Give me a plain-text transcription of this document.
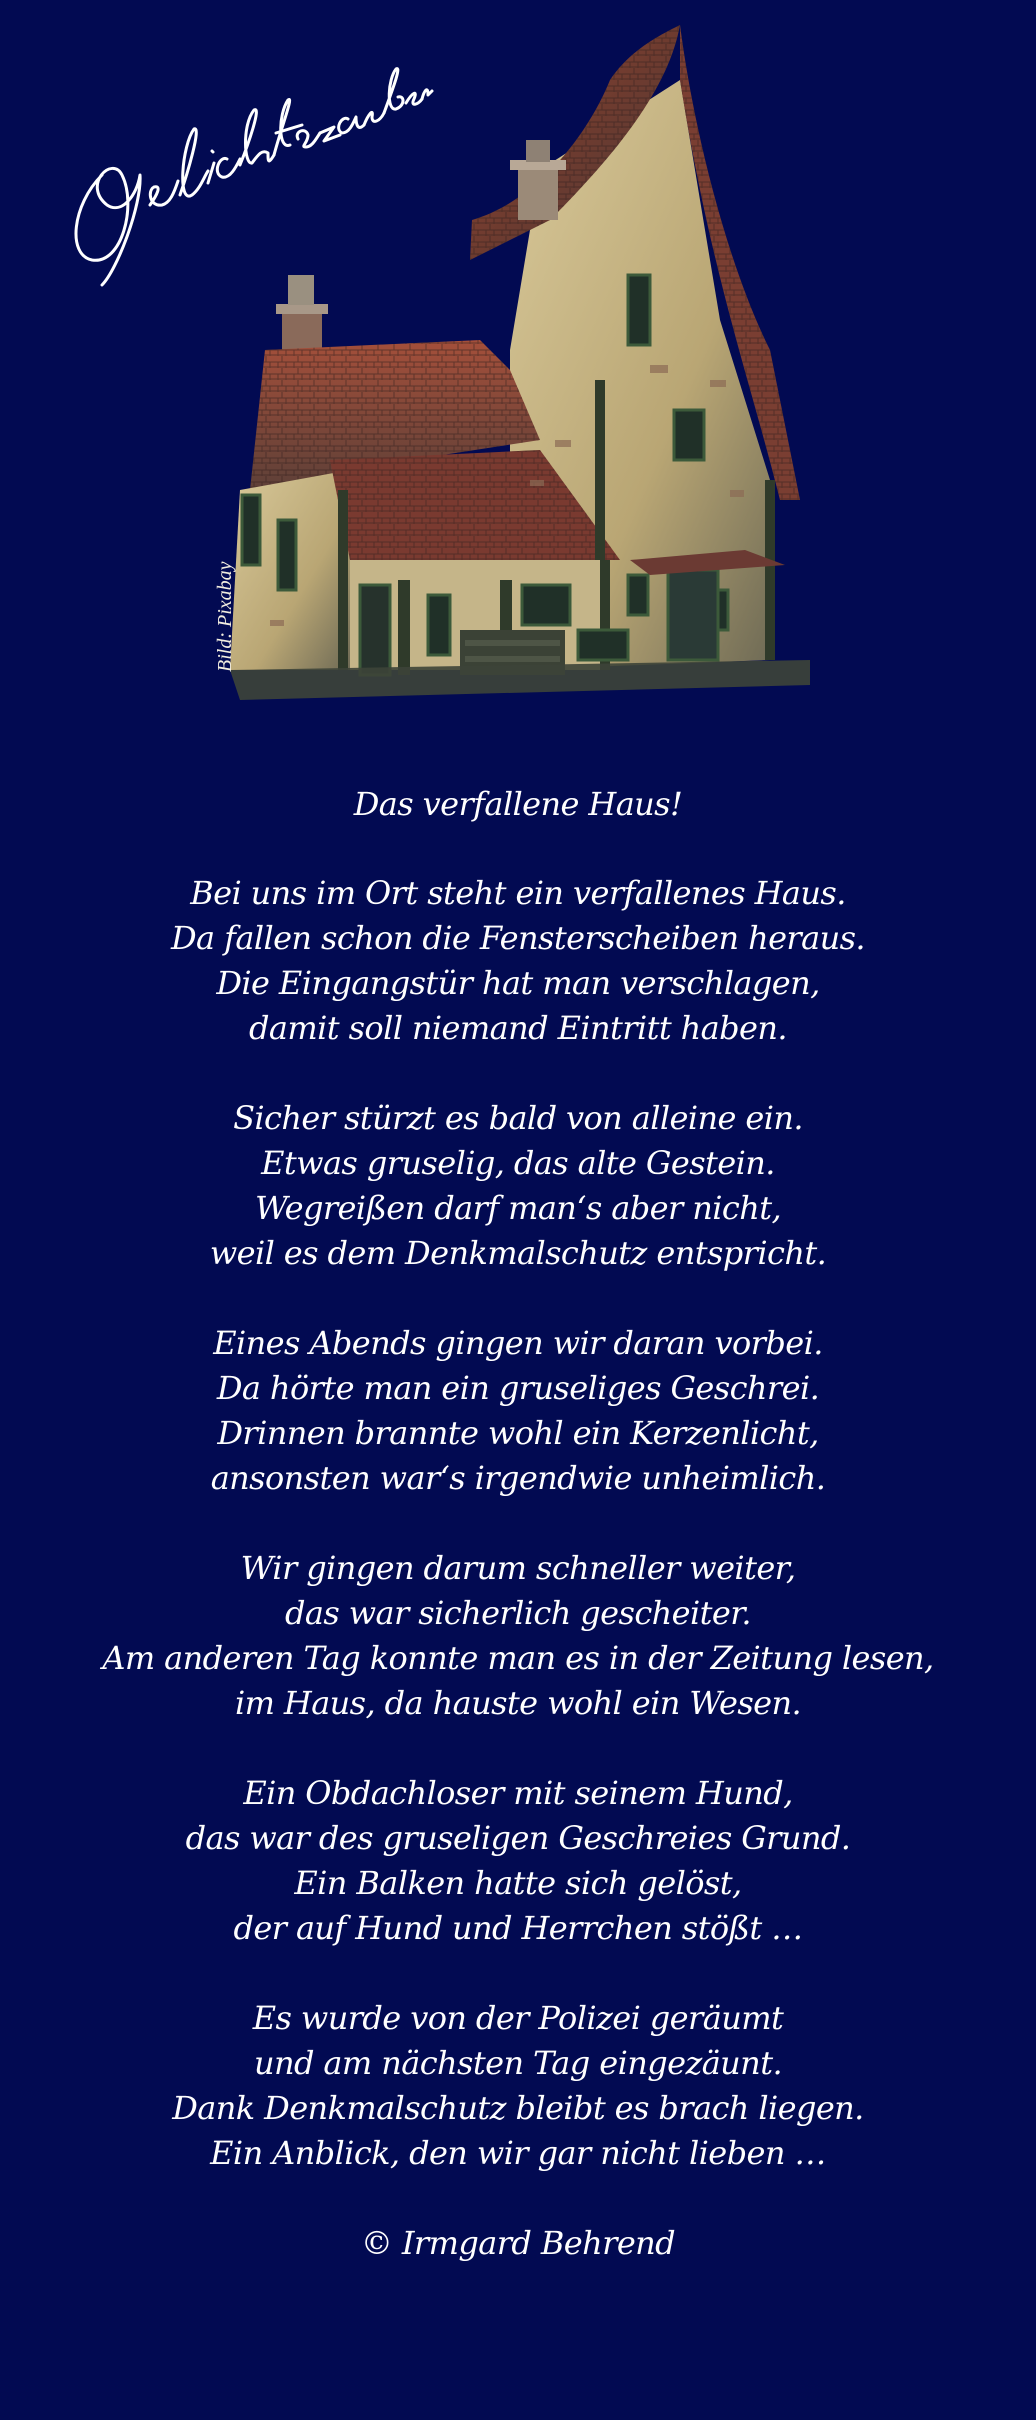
Bild: Pixabay
Das verfallene Haus!
Bei uns im Ort steht ein verfallenes Haus.
Da fallen schon die Fensterscheiben heraus.
Die Eingangstür hat man verschlagen,
damit soll niemand Eintritt haben.
Sicher stürzt es bald von alleine ein.
Etwas gruselig, das alte Gestein.
Wegreißen darf man‘s aber nicht,
weil es dem Denkmalschutz entspricht.
Eines Abends gingen wir daran vorbei.
Da hörte man ein gruseliges Geschrei.
Drinnen brannte wohl ein Kerzenlicht,
ansonsten war‘s irgendwie unheimlich.
Wir gingen darum schneller weiter,
das war sicherlich gescheiter.
Am anderen Tag konnte man es in der Zeitung lesen,
im Haus, da hauste wohl ein Wesen.
Ein Obdachloser mit seinem Hund,
das war des gruseligen Geschreies Grund.
Ein Balken hatte sich gelöst,
der auf Hund und Herrchen stößt …
Es wurde von der Polizei geräumt
und am nächsten Tag eingezäunt.
Dank Denkmalschutz bleibt es brach liegen.
Ein Anblick, den wir gar nicht lieben …
© Irmgard Behrend
